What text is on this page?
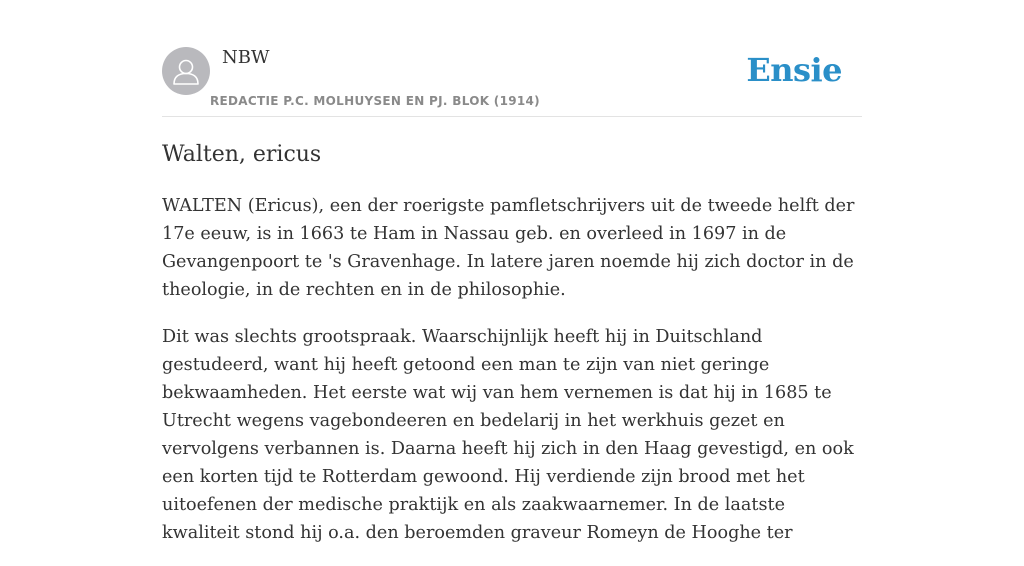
NBW
REDACTIE P.C. MOLHUYSEN EN PJ. BLOK (1914)
Ensie
Walten, ericus

WALTEN (Ericus), een der roerigste pamfletschrijvers uit de tweede helft der 17e eeuw, is in 1663 te Ham in Nassau geb. en overleed in 1697 in de Gevangenpoort te 's Gravenhage. In latere jaren noemde hij zich doctor in de theologie, in de rechten en in de philosophie.

Dit was slechts grootspraak. Waarschijnlijk heeft hij in Duitschland gestudeerd, want hij heeft getoond een man te zijn van niet geringe bekwaamheden. Het eerste wat wij van hem vernemen is dat hij in 1685 te Utrecht wegens vagebondeeren en bedelarij in het werkhuis gezet en vervolgens verbannen is. Daarna heeft hij zich in den Haag gevestigd, en ook een korten tijd te Rotterdam gewoond. Hij verdiende zijn brood met het uitoefenen der medische praktijk en als zaakwaarnemer. In de laatste kwaliteit stond hij o.a. den beroemden graveur Romeyn de Hooghe ter
